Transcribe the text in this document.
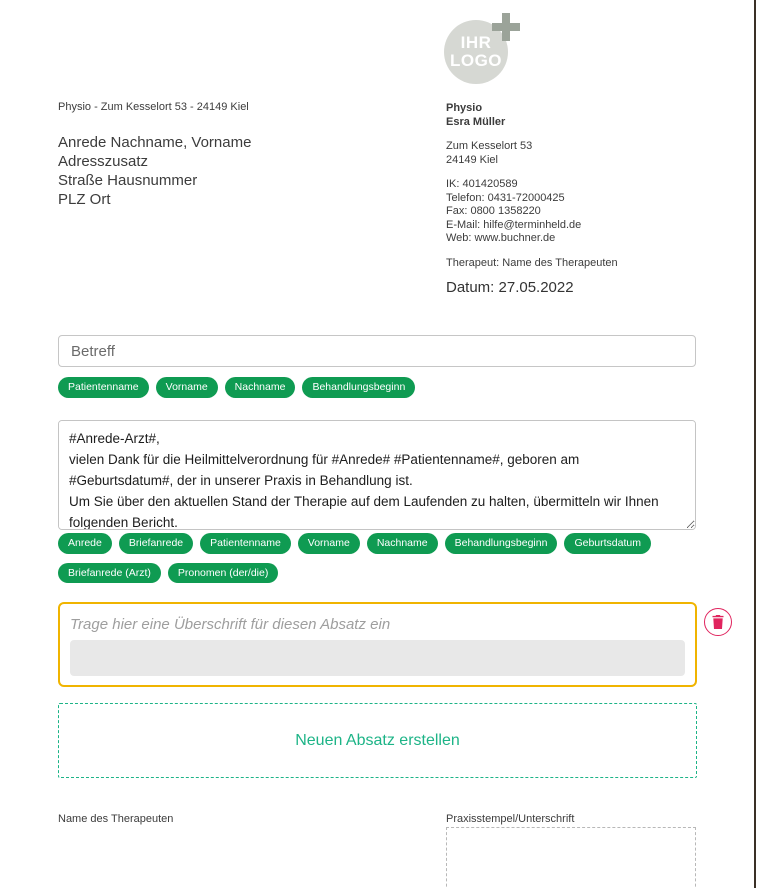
IHR
LOGO
Physio - Zum Kesselort 53 - 24149 Kiel
Anrede Nachname, Vorname
Adresszusatz
Straße Hausnummer
PLZ Ort
Physio
Esra Müller
Zum Kesselort 53
24149 Kiel
IK: 401420589
Telefon: 0431-72000425
Fax: 0800 1358220
E-Mail: hilfe@terminheld.de
Web: www.buchner.de
Therapeut: Name des Therapeuten
Datum: 27.05.2022
Betreff
Patientenname	Vorname	Nachname	Behandlungsbeginn
#Anrede-Arzt#, vielen Dank für die Heilmittelverordnung für #Anrede# #Patientenname#, geboren am #Geburtsdatum#, der in unserer Praxis in Behandlung ist. Um Sie über den aktuellen Stand der Therapie auf dem Laufenden zu halten, übermitteln wir Ihnen folgenden Bericht.
Anrede	Briefanrede	Patientenname	Vorname	Nachname	Behandlungsbeginn	Geburtsdatum
Briefanrede (Arzt)	Pronomen (der/die)
Trage hier eine Überschrift für diesen Absatz ein
Neuen Absatz erstellen
Name des Therapeuten	Praxisstempel/Unterschrift
